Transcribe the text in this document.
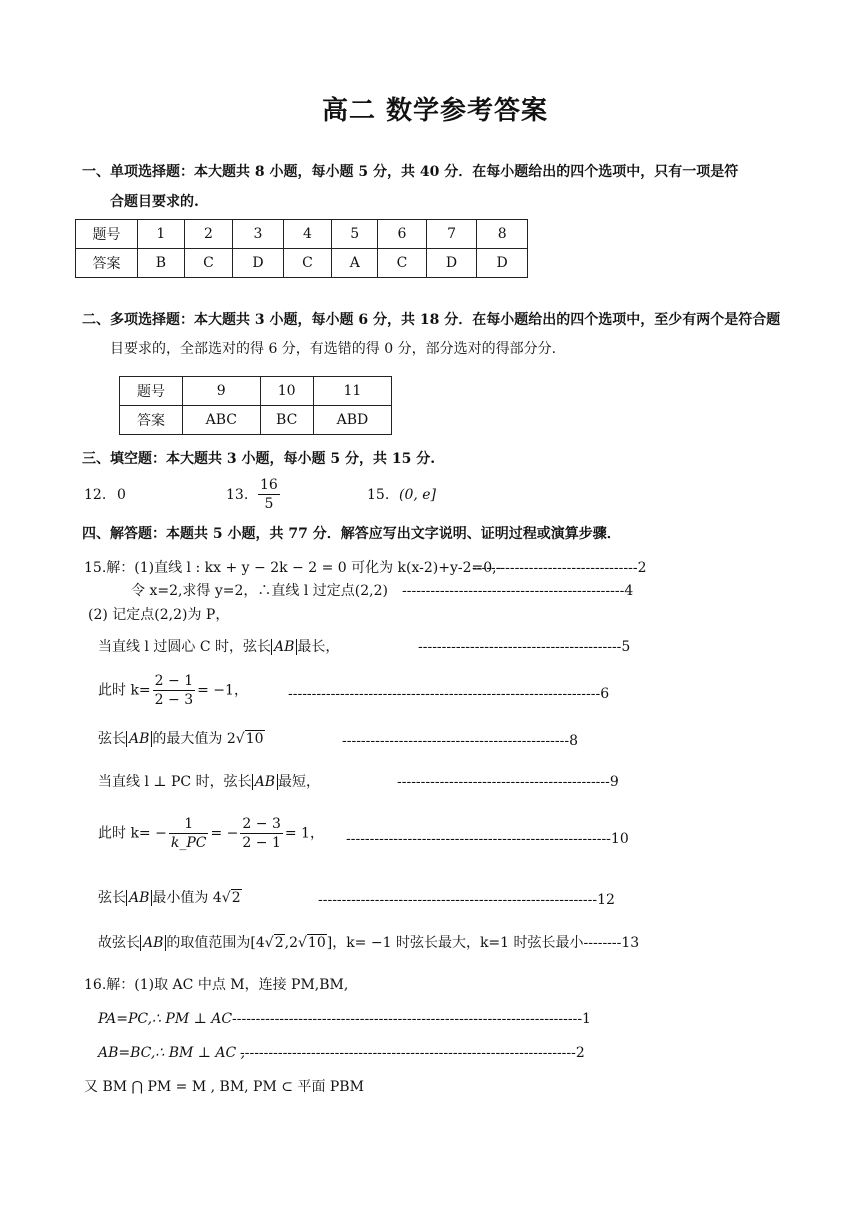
高二 数学参考答案
一、单项选择题：本大题共 8 小题，每小题 5 分，共 40 分．在每小题给出的四个选项中，只有一项是符
合题目要求的.
题号	1	2	3	4	5	6	7	8
答案	B	C	D	C	A	C	D	D
二、多项选择题：本大题共 3 小题，每小题 6 分，共 18 分．在每小题给出的四个选项中，至少有两个是符合题
目要求的，全部选对的得 6 分，有选错的得 0 分，部分选对的得部分分.
题号	9	10	11
答案	ABC	BC	ABD
三、填空题：本大题共 3 小题，每小题 5 分，共 15 分.
12. 0	13. $\frac{16}{5}$	15. (0, e]
四、解答题：本题共 5 小题，共 77 分．解答应写出文字说明、证明过程或演算步骤．
15.解：(1)直线 l : kx + y − 2k − 2 = 0 可化为 k(x-2)+y-2=0,-
-----------------------------------2
令 x=2,求得 y=2，∴直线 l 过定点(2,2) -----------------------------------------------4
(2) 记定点(2,2)为 P，
当直线 l 过圆心 C 时，弦长 AB 最长，	-------------------------------------------5
此时 $k= \frac{2 - 1}{2 - 3} = -1$，	------------------------------------------------------------------6
弦长 AB 的最大值为 2√10	------------------------------------------------8
当直线 l ⊥ PC 时，弦长 AB 最短，	---------------------------------------------9
此时 $k= - \frac{1}{k\_PC}$ = − $\frac{2 - 3}{2 - 1} = 1$， --------------------------------------------------------10
弦长 AB 最小值为 4√2	-----------------------------------------------------------12
故弦长 AB 的取值范围为[4√2,2√10]，k= −1 时弦长最大，k=1 时弦长最小--------13
16.解：(1)取 AC 中点 M，连接 PM,BM,
PA=PC,∴ PM ⊥ AC --------------------------------------------------------------------------1
AB=BC,∴ BM ⊥ AC ,
-----------------------------------------------------------------------2
又 BM ⋂ PM = M , BM, PM ⊂ 平面 PBM
